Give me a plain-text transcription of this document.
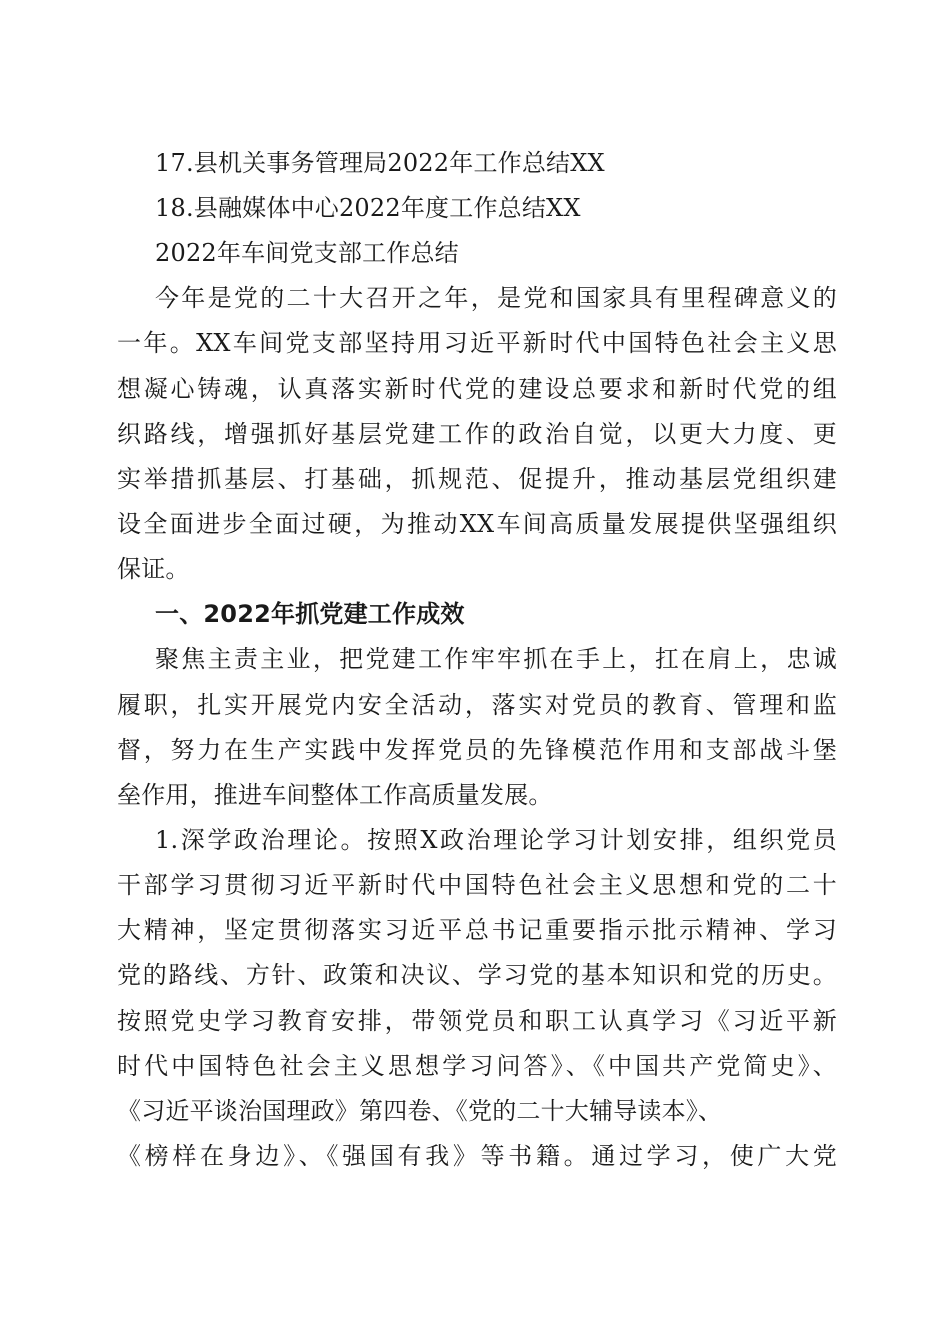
17.县机关事务管理局2022年工作总结XX
18.县融媒体中心2022年度工作总结XX
2022年车间党支部工作总结
今年是党的二十大召开之年，是党和国家具有里程碑意义的
一年。XX车间党支部坚持用习近平新时代中国特色社会主义思
想凝心铸魂，认真落实新时代党的建设总要求和新时代党的组
织路线，增强抓好基层党建工作的政治自觉，以更大力度、更
实举措抓基层、打基础，抓规范、促提升，推动基层党组织建
设全面进步全面过硬，为推动XX车间高质量发展提供坚强组织
保证。
一、2022年抓党建工作成效
聚焦主责主业，把党建工作牢牢抓在手上，扛在肩上，忠诚
履职，扎实开展党内安全活动，落实对党员的教育、管理和监
督，努力在生产实践中发挥党员的先锋模范作用和支部战斗堡
垒作用，推进车间整体工作高质量发展。
1.深学政治理论。按照X政治理论学习计划安排，组织党员
干部学习贯彻习近平新时代中国特色社会主义思想和党的二十
大精神，坚定贯彻落实习近平总书记重要指示批示精神、学习
党的路线、方针、政策和决议、学习党的基本知识和党的历史。
按照党史学习教育安排，带领党员和职工认真学习《习近平新
时代中国特色社会主义思想学习问答》、《中国共产党简史》、
《习近平谈治国理政》第四卷、《党的二十大辅导读本》、
《榜样在身边》、《强国有我》等书籍。通过学习，使广大党
